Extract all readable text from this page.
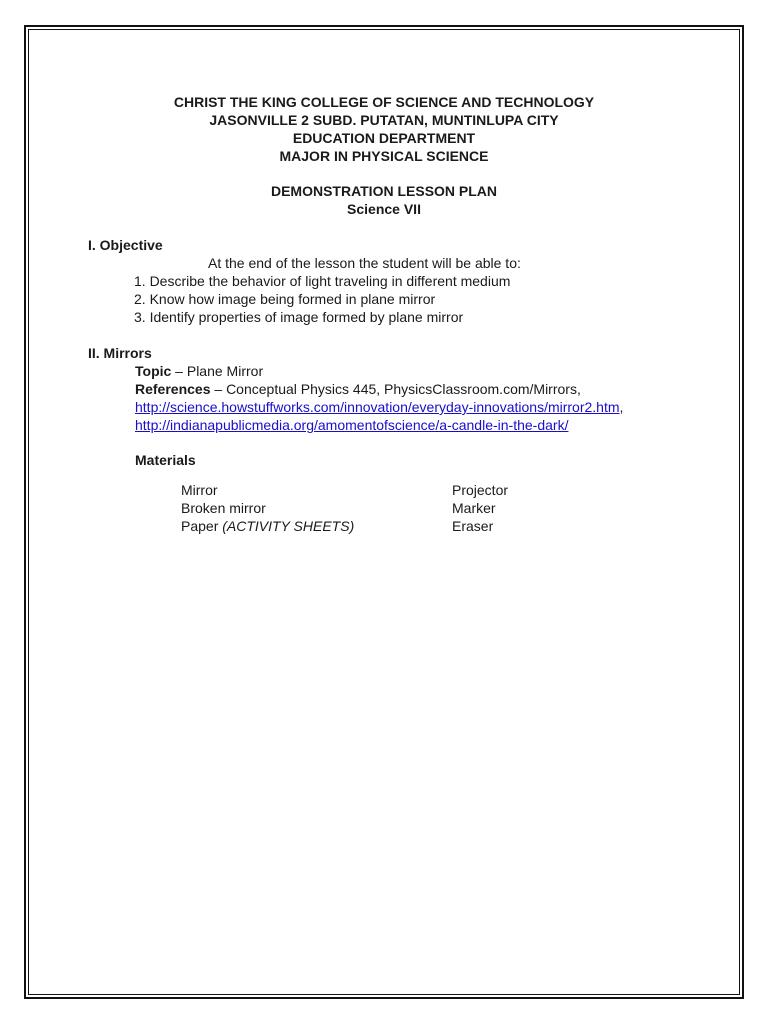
CHRIST THE KING COLLEGE OF SCIENCE AND TECHNOLOGY
JASONVILLE 2 SUBD. PUTATAN, MUNTINLUPA CITY
EDUCATION DEPARTMENT
MAJOR IN PHYSICAL SCIENCE
DEMONSTRATION LESSON PLAN
Science VII
I. Objective
At the end of the lesson the student will be able to:
1. Describe the behavior of light traveling in different medium
2. Know how image being formed in plane mirror
3. Identify properties of image formed by plane mirror
II. Mirrors
Topic – Plane Mirror
References – Conceptual Physics 445, PhysicsClassroom.com/Mirrors,
http://science.howstuffworks.com/innovation/everyday-innovations/mirror2.htm,
http://indianapublicmedia.org/amomentofscience/a-candle-in-the-dark/
Materials
Mirror	Projector
Broken mirror	Marker
Paper (ACTIVITY SHEETS)	Eraser
